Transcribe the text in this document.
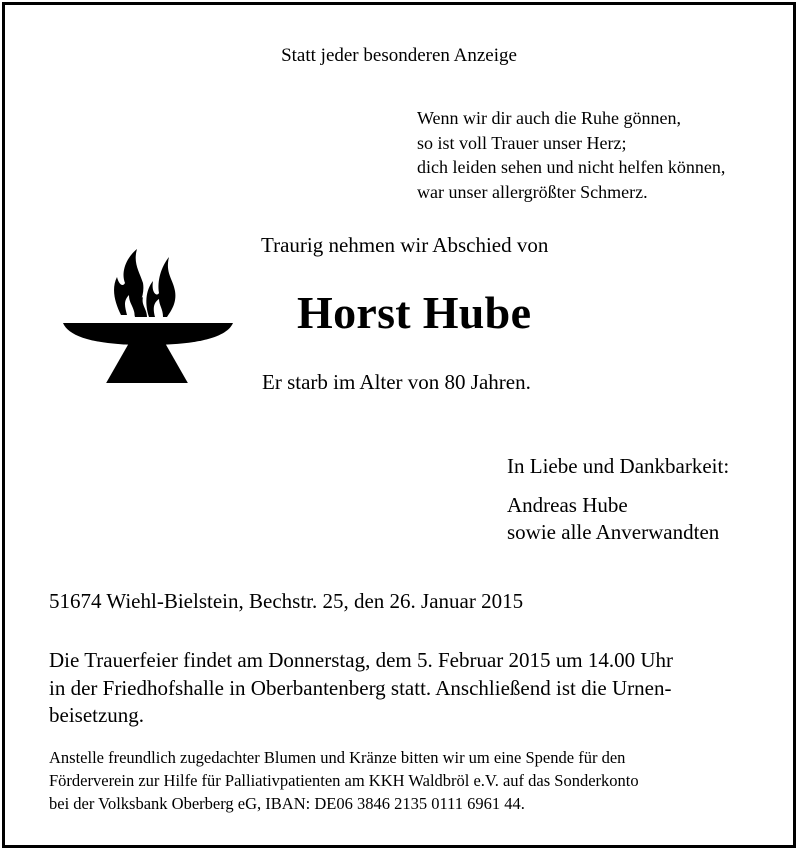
Statt jeder besonderen Anzeige
Wenn wir dir auch die Ruhe gönnen,
so ist voll Trauer unser Herz;
dich leiden sehen und nicht helfen können,
war unser allergrößter Schmerz.
Traurig nehmen wir Abschied von
Horst Hube
Er starb im Alter von 80 Jahren.
In Liebe und Dankbarkeit:
Andreas Hube
sowie alle Anverwandten
51674 Wiehl-Bielstein, Bechstr. 25, den 26. Januar 2015
Die Trauerfeier findet am Donnerstag, dem 5. Februar 2015 um 14.00 Uhr
in der Friedhofshalle in Oberbantenberg statt. Anschließend ist die Urnen-
beisetzung.
Anstelle freundlich zugedachter Blumen und Kränze bitten wir um eine Spende für den
Förderverein zur Hilfe für Palliativpatienten am KKH Waldbröl e.V. auf das Sonderkonto
bei der Volksbank Oberberg eG, IBAN: DE06 3846 2135 0111 6961 44.
